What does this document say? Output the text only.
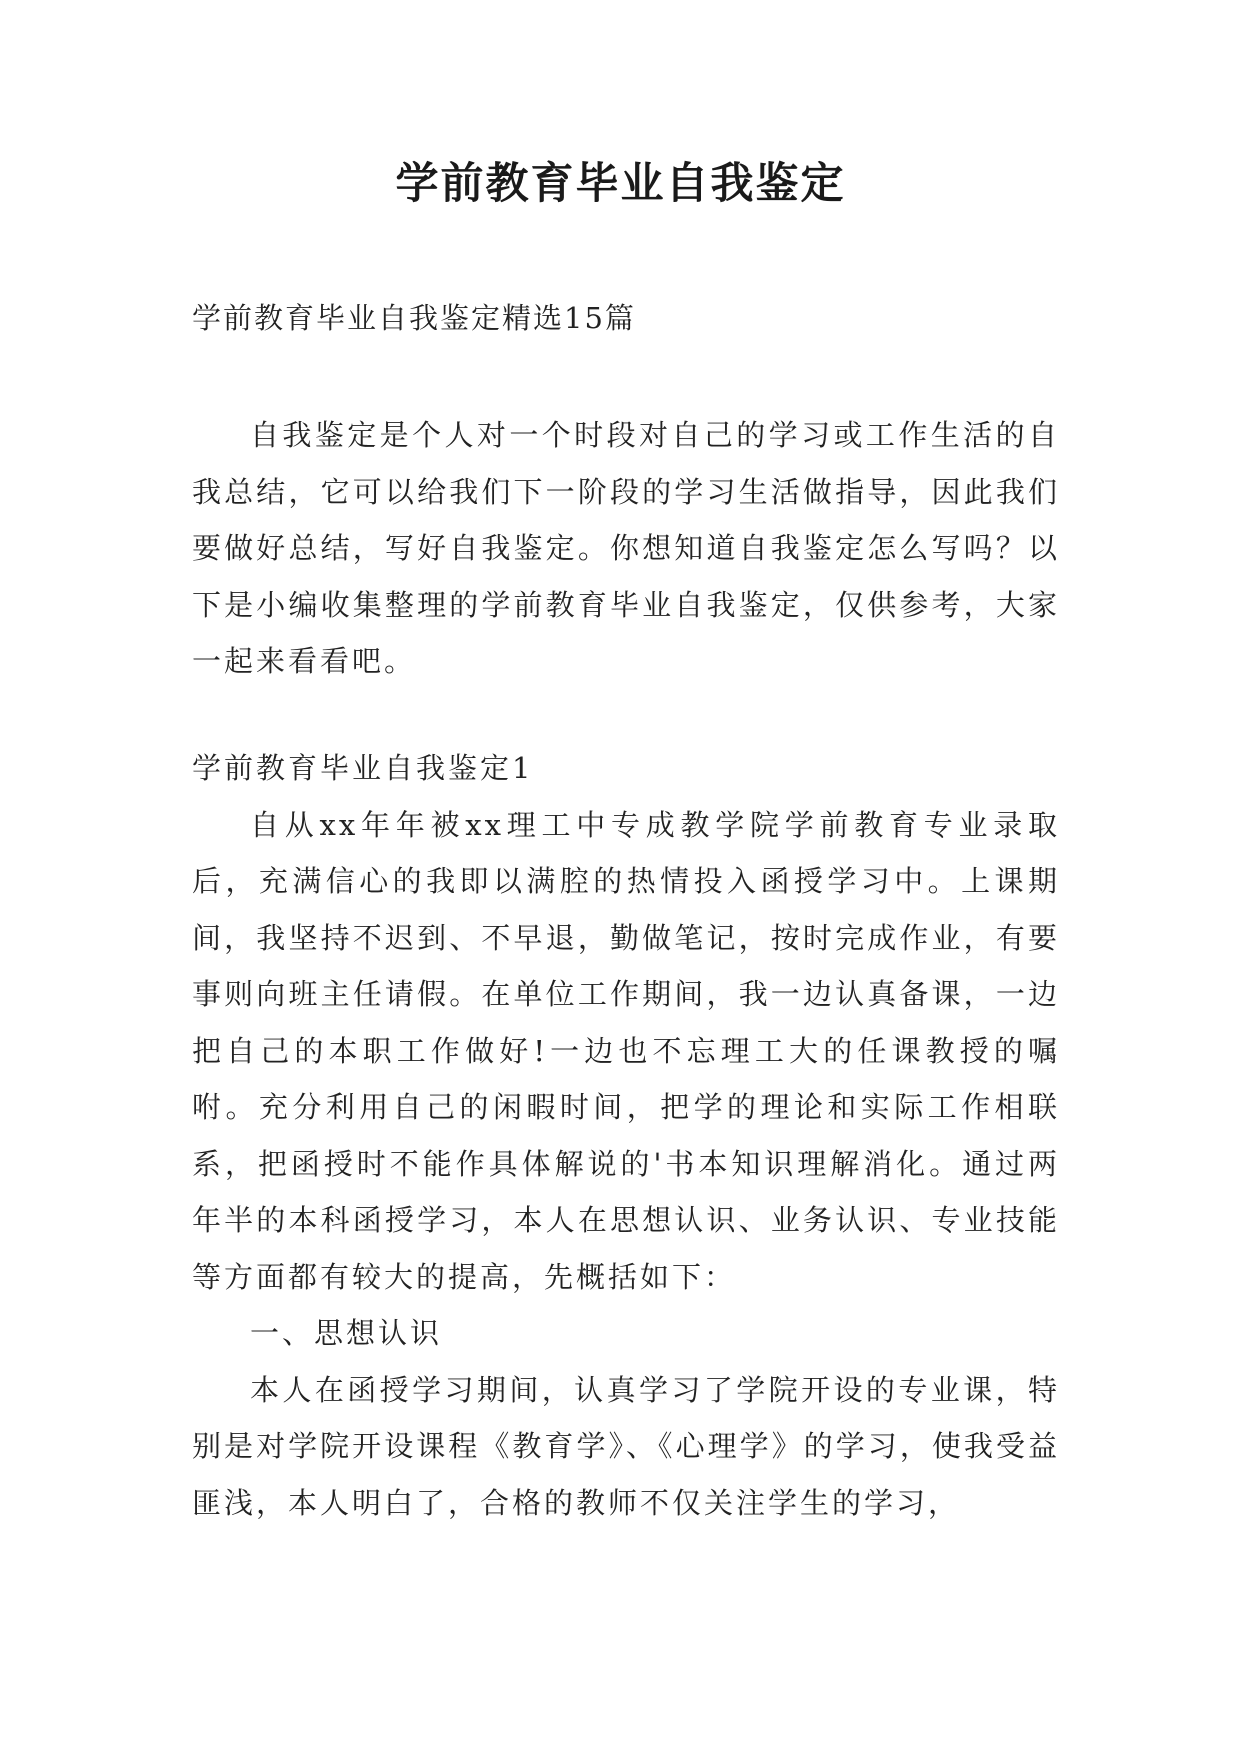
学前教育毕业自我鉴定
学前教育毕业自我鉴定精选15篇

自我鉴定是个人对一个时段对自己的学习或工作生活的自我总结，它可以给我们下一阶段的学习生活做指导，因此我们要做好总结，写好自我鉴定。你想知道自我鉴定怎么写吗？以下是小编收集整理的学前教育毕业自我鉴定，仅供参考，大家一起来看看吧。

学前教育毕业自我鉴定1

自从xx年年被xx理工中专成教学院学前教育专业录取后，充满信心的我即以满腔的热情投入函授学习中。上课期间，我坚持不迟到、不早退，勤做笔记，按时完成作业，有要事则向班主任请假。在单位工作期间，我一边认真备课，一边把自己的本职工作做好!一边也不忘理工大的任课教授的嘱咐。充分利用自己的闲暇时间，把学的理论和实际工作相联系，把函授时不能作具体解说的'书本知识理解消化。通过两年半的本科函授学习，本人在思想认识、业务认识、专业技能等方面都有较大的提高，先概括如下：

一、思想认识

本人在函授学习期间，认真学习了学院开设的专业课，特别是对学院开设课程《教育学》、《心理学》的学习，使我受益匪浅，本人明白了，合格的教师不仅关注学生的学习，
